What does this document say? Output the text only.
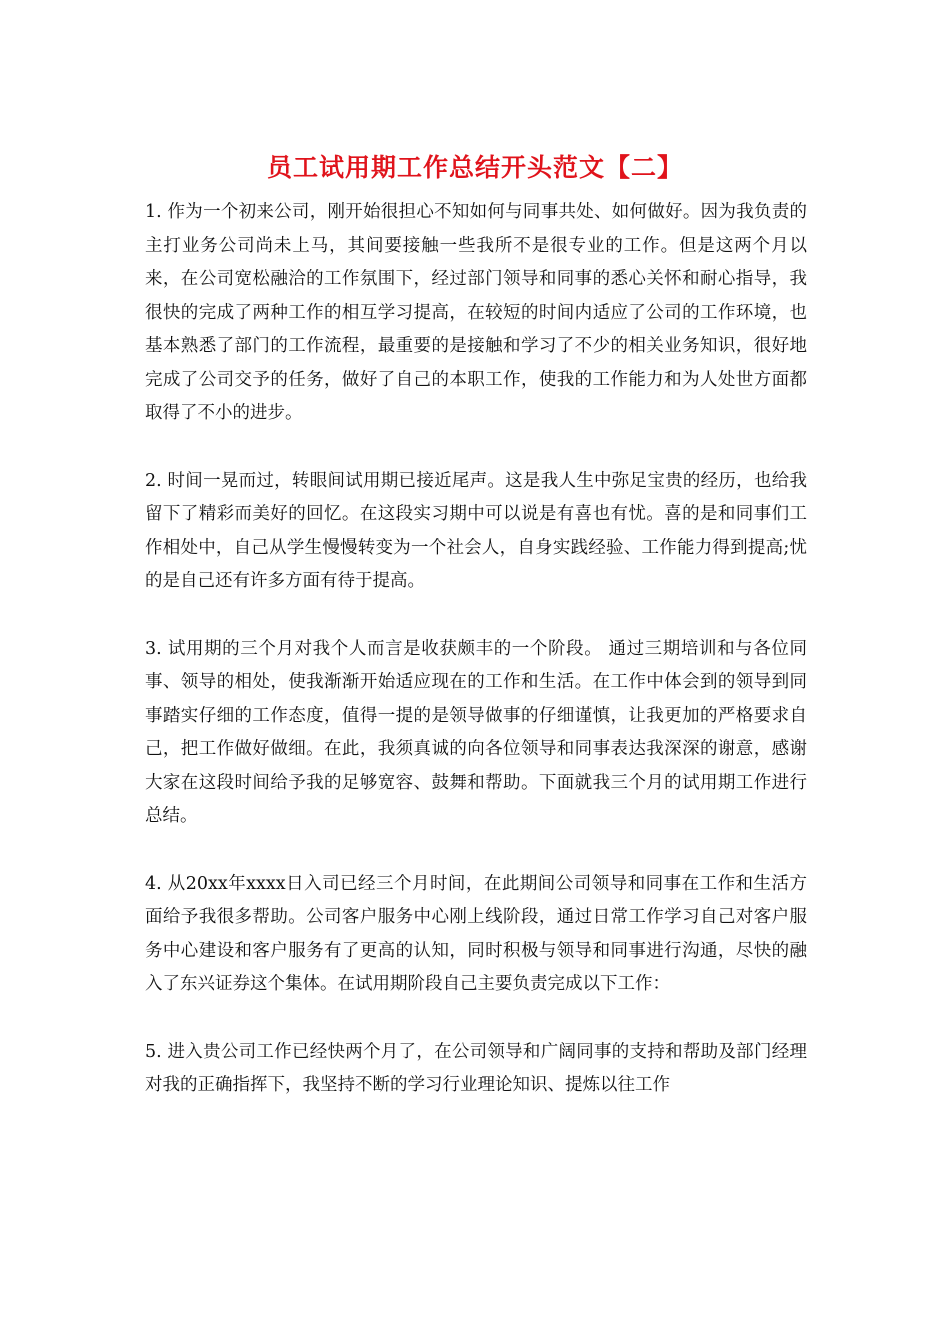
员工试用期工作总结开头范文【二】

1. 作为一个初来公司，刚开始很担心不知如何与同事共处、如何做好。因为我负责的主打业务公司尚未上马，其间要接触一些我所不是很专业的工作。但是这两个月以来，在公司宽松融洽的工作氛围下，经过部门领导和同事的悉心关怀和耐心指导，我很快的完成了两种工作的相互学习提高，在较短的时间内适应了公司的工作环境，也基本熟悉了部门的工作流程，最重要的是接触和学习了不少的相关业务知识，很好地完成了公司交予的任务，做好了自己的本职工作，使我的工作能力和为人处世方面都取得了不小的进步。

2. 时间一晃而过，转眼间试用期已接近尾声。这是我人生中弥足宝贵的经历，也给我留下了精彩而美好的回忆。在这段实习期中可以说是有喜也有忧。喜的是和同事们工作相处中，自己从学生慢慢转变为一个社会人，自身实践经验、工作能力得到提高;忧的是自己还有许多方面有待于提高。

3. 试用期的三个月对我个人而言是收获颇丰的一个阶段。 通过三期培训和与各位同事、领导的相处，使我渐渐开始适应现在的工作和生活。在工作中体会到的领导到同事踏实仔细的工作态度，值得一提的是领导做事的仔细谨慎，让我更加的严格要求自己，把工作做好做细。在此，我须真诚的向各位领导和同事表达我深深的谢意，感谢大家在这段时间给予我的足够宽容、鼓舞和帮助。下面就我三个月的试用期工作进行总结。

4. 从20xx年xxxx日入司已经三个月时间，在此期间公司领导和同事在工作和生活方面给予我很多帮助。公司客户服务中心刚上线阶段，通过日常工作学习自己对客户服务中心建设和客户服务有了更高的认知，同时积极与领导和同事进行沟通，尽快的融入了东兴证券这个集体。在试用期阶段自己主要负责完成以下工作：

5. 进入贵公司工作已经快两个月了，在公司领导和广阔同事的支持和帮助及部门经理对我的正确指挥下，我坚持不断的学习行业理论知识、提炼以往工作
